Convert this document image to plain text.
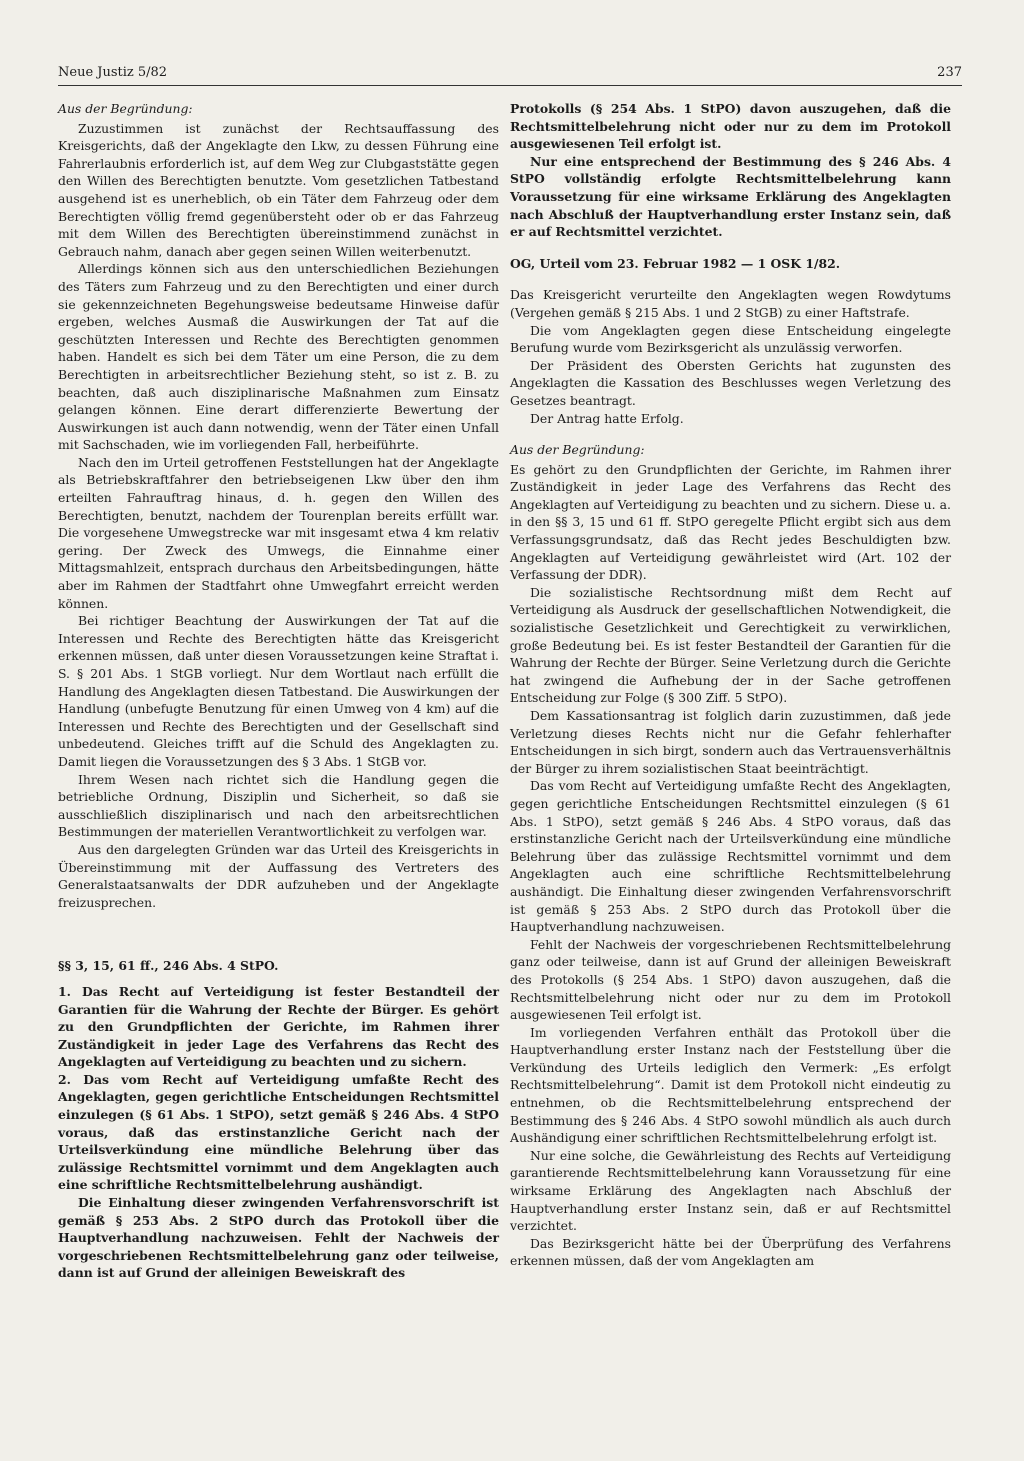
Neue Justiz 5/82	237

Aus der Begründung:

Zuzustimmen ist zunächst der Rechtsauffassung des Kreisgerichts, daß der Angeklagte den Lkw, zu dessen Führung eine Fahrerlaubnis erforderlich ist, auf dem Weg zur Clubgaststätte gegen den Willen des Berechtigten benutzte. Vom gesetzlichen Tatbestand ausgehend ist es unerheblich, ob ein Täter dem Fahrzeug oder dem Berechtigten völlig fremd gegenübersteht oder ob er das Fahrzeug mit dem Willen des Berechtigten übereinstimmend zunächst in Gebrauch nahm, danach aber gegen seinen Willen weiterbenutzt.

Allerdings können sich aus den unterschiedlichen Beziehungen des Täters zum Fahrzeug und zu den Berechtigten und einer durch sie gekennzeichneten Begehungsweise bedeutsame Hinweise dafür ergeben, welches Ausmaß die Auswirkungen der Tat auf die geschützten Interessen und Rechte des Berechtigten genommen haben. Handelt es sich bei dem Täter um eine Person, die zu dem Berechtigten in arbeitsrechtlicher Beziehung steht, so ist z. B. zu beachten, daß auch disziplinarische Maßnahmen zum Einsatz gelangen können. Eine derart differenzierte Bewertung der Auswirkungen ist auch dann notwendig, wenn der Täter einen Unfall mit Sachschaden, wie im vorliegenden Fall, herbeiführte.

Nach den im Urteil getroffenen Feststellungen hat der Angeklagte als Betriebskraftfahrer den betriebseigenen Lkw über den ihm erteilten Fahrauftrag hinaus, d. h. gegen den Willen des Berechtigten, benutzt, nachdem der Tourenplan bereits erfüllt war. Die vorgesehene Umwegstrecke war mit insgesamt etwa 4 km relativ gering. Der Zweck des Umwegs, die Einnahme einer Mittagsmahlzeit, entsprach durchaus den Arbeitsbedingungen, hätte aber im Rahmen der Stadtfahrt ohne Umwegfahrt erreicht werden können.

Bei richtiger Beachtung der Auswirkungen der Tat auf die Interessen und Rechte des Berechtigten hätte das Kreisgericht erkennen müssen, daß unter diesen Voraussetzungen keine Straftat i. S. § 201 Abs. 1 StGB vorliegt. Nur dem Wortlaut nach erfüllt die Handlung des Angeklagten diesen Tatbestand. Die Auswirkungen der Handlung (unbefugte Benutzung für einen Umweg von 4 km) auf die Interessen und Rechte des Berechtigten und der Gesellschaft sind unbedeutend. Gleiches trifft auf die Schuld des Angeklagten zu. Damit liegen die Voraussetzungen des § 3 Abs. 1 StGB vor.

Ihrem Wesen nach richtet sich die Handlung gegen die betriebliche Ordnung, Disziplin und Sicherheit, so daß sie ausschließlich disziplinarisch und nach den arbeitsrechtlichen Bestimmungen der materiellen Verantwortlichkeit zu verfolgen war.

Aus den dargelegten Gründen war das Urteil des Kreisgerichts in Übereinstimmung mit der Auffassung des Vertreters des Generalstaatsanwalts der DDR aufzuheben und der Angeklagte freizusprechen.

§§ 3, 15, 61 ff., 246 Abs. 4 StPO.

1. Das Recht auf Verteidigung ist fester Bestandteil der Garantien für die Wahrung der Rechte der Bürger. Es gehört zu den Grundpflichten der Gerichte, im Rahmen ihrer Zuständigkeit in jeder Lage des Verfahrens das Recht des Angeklagten auf Verteidigung zu beachten und zu sichern.

2. Das vom Recht auf Verteidigung umfaßte Recht des Angeklagten, gegen gerichtliche Entscheidungen Rechtsmittel einzulegen (§ 61 Abs. 1 StPO), setzt gemäß § 246 Abs. 4 StPO voraus, daß das erstinstanzliche Gericht nach der Urteilsverkündung eine mündliche Belehrung über das zulässige Rechtsmittel vornimmt und dem Angeklagten auch eine schriftliche Rechtsmittelbelehrung aushändigt.

Die Einhaltung dieser zwingenden Verfahrensvorschrift ist gemäß § 253 Abs. 2 StPO durch das Protokoll über die Hauptverhandlung nachzuweisen. Fehlt der Nachweis der vorgeschriebenen Rechtsmittelbelehrung ganz oder teilweise, dann ist auf Grund der alleinigen Beweiskraft des

Protokolls (§ 254 Abs. 1 StPO) davon auszugehen, daß die Rechtsmittelbelehrung nicht oder nur zu dem im Protokoll ausgewiesenen Teil erfolgt ist.

Nur eine entsprechend der Bestimmung des § 246 Abs. 4 StPO vollständig erfolgte Rechtsmittelbelehrung kann Voraussetzung für eine wirksame Erklärung des Angeklagten nach Abschluß der Hauptverhandlung erster Instanz sein, daß er auf Rechtsmittel verzichtet.

OG, Urteil vom 23. Februar 1982 — 1 OSK 1/82.

Das Kreisgericht verurteilte den Angeklagten wegen Rowdytums (Vergehen gemäß § 215 Abs. 1 und 2 StGB) zu einer Haftstrafe.

Die vom Angeklagten gegen diese Entscheidung eingelegte Berufung wurde vom Bezirksgericht als unzulässig verworfen.

Der Präsident des Obersten Gerichts hat zugunsten des Angeklagten die Kassation des Beschlusses wegen Verletzung des Gesetzes beantragt.

Der Antrag hatte Erfolg.

Aus der Begründung:

Es gehört zu den Grundpflichten der Gerichte, im Rahmen ihrer Zuständigkeit in jeder Lage des Verfahrens das Recht des Angeklagten auf Verteidigung zu beachten und zu sichern. Diese u. a. in den §§ 3, 15 und 61 ff. StPO geregelte Pflicht ergibt sich aus dem Verfassungsgrundsatz, daß das Recht jedes Beschuldigten bzw. Angeklagten auf Verteidigung gewährleistet wird (Art. 102 der Verfassung der DDR).

Die sozialistische Rechtsordnung mißt dem Recht auf Verteidigung als Ausdruck der gesellschaftlichen Notwendigkeit, die sozialistische Gesetzlichkeit und Gerechtigkeit zu verwirklichen, große Bedeutung bei. Es ist fester Bestandteil der Garantien für die Wahrung der Rechte der Bürger. Seine Verletzung durch die Gerichte hat zwingend die Aufhebung der in der Sache getroffenen Entscheidung zur Folge (§ 300 Ziff. 5 StPO).

Dem Kassationsantrag ist folglich darin zuzustimmen, daß jede Verletzung dieses Rechts nicht nur die Gefahr fehlerhafter Entscheidungen in sich birgt, sondern auch das Vertrauensverhältnis der Bürger zu ihrem sozialistischen Staat beeinträchtigt.

Das vom Recht auf Verteidigung umfaßte Recht des Angeklagten, gegen gerichtliche Entscheidungen Rechtsmittel einzulegen (§ 61 Abs. 1 StPO), setzt gemäß § 246 Abs. 4 StPO voraus, daß das erstinstanzliche Gericht nach der Urteilsverkündung eine mündliche Belehrung über das zulässige Rechtsmittel vornimmt und dem Angeklagten auch eine schriftliche Rechtsmittelbelehrung aushändigt. Die Einhaltung dieser zwingenden Verfahrensvorschrift ist gemäß § 253 Abs. 2 StPO durch das Protokoll über die Hauptverhandlung nachzuweisen.

Fehlt der Nachweis der vorgeschriebenen Rechtsmittelbelehrung ganz oder teilweise, dann ist auf Grund der alleinigen Beweiskraft des Protokolls (§ 254 Abs. 1 StPO) davon auszugehen, daß die Rechtsmittelbelehrung nicht oder nur zu dem im Protokoll ausgewiesenen Teil erfolgt ist.

Im vorliegenden Verfahren enthält das Protokoll über die Hauptverhandlung erster Instanz nach der Feststellung über die Verkündung des Urteils lediglich den Vermerk: „Es erfolgt Rechtsmittelbelehrung“. Damit ist dem Protokoll nicht eindeutig zu entnehmen, ob die Rechtsmittelbelehrung entsprechend der Bestimmung des § 246 Abs. 4 StPO sowohl mündlich als auch durch Aushändigung einer schriftlichen Rechtsmittelbelehrung erfolgt ist.

Nur eine solche, die Gewährleistung des Rechts auf Verteidigung garantierende Rechtsmittelbelehrung kann Voraussetzung für eine wirksame Erklärung des Angeklagten nach Abschluß der Hauptverhandlung erster Instanz sein, daß er auf Rechtsmittel verzichtet.

Das Bezirksgericht hätte bei der Überprüfung des Verfahrens erkennen müssen, daß der vom Angeklagten am
